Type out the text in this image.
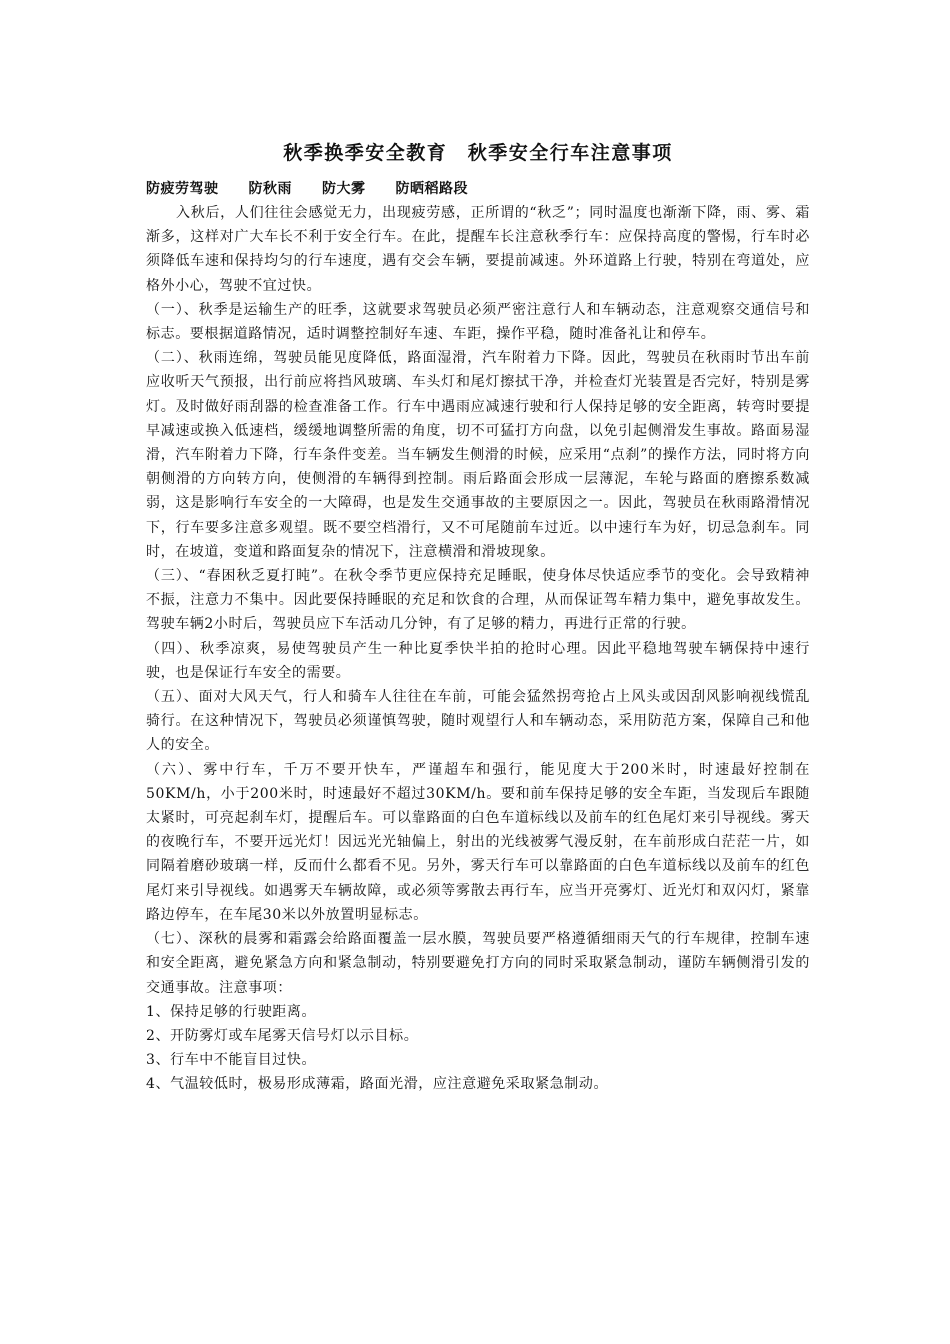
秋季换季安全教育　秋季安全行车注意事项
防疲劳驾驶 防秋雨 防大雾 防晒稻路段

入秋后，人们往往会感觉无力，出现疲劳感，正所谓的“秋乏”；同时温度也渐渐下降，雨、雾、霜渐多，这样对广大车长不利于安全行车。在此，提醒车长注意秋季行车：应保持高度的警惕，行车时必须降低车速和保持均匀的行车速度，遇有交会车辆，要提前减速。外环道路上行驶，特别在弯道处，应格外小心，驾驶不宜过快。

（一）、秋季是运输生产的旺季，这就要求驾驶员必须严密注意行人和车辆动态，注意观察交通信号和标志。要根据道路情况，适时调整控制好车速、车距，操作平稳，随时准备礼让和停车。

（二）、秋雨连绵，驾驶员能见度降低，路面湿滑，汽车附着力下降。因此，驾驶员在秋雨时节出车前应收听天气预报，出行前应将挡风玻璃、车头灯和尾灯擦拭干净，并检查灯光装置是否完好，特别是雾灯。及时做好雨刮器的检查准备工作。行车中遇雨应减速行驶和行人保持足够的安全距离，转弯时要提早减速或换入低速档，缓缓地调整所需的角度，切不可猛打方向盘，以免引起侧滑发生事故。路面易湿滑，汽车附着力下降，行车条件变差。当车辆发生侧滑的时候，应采用“点刹”的操作方法，同时将方向朝侧滑的方向转方向，使侧滑的车辆得到控制。雨后路面会形成一层薄泥，车轮与路面的磨擦系数减弱，这是影响行车安全的一大障碍，也是发生交通事故的主要原因之一。因此，驾驶员在秋雨路滑情况下，行车要多注意多观望。既不要空档滑行，又不可尾随前车过近。以中速行车为好，切忌急刹车。同时，在坡道，变道和路面复杂的情况下，注意横滑和滑坡现象。

（三）、“春困秋乏夏打盹”。在秋令季节更应保持充足睡眠，使身体尽快适应季节的变化。会导致精神不振，注意力不集中。因此要保持睡眠的充足和饮食的合理，从而保证驾车精力集中，避免事故发生。驾驶车辆2小时后，驾驶员应下车活动几分钟，有了足够的精力，再进行正常的行驶。

（四）、秋季凉爽，易使驾驶员产生一种比夏季快半拍的抢时心理。因此平稳地驾驶车辆保持中速行驶，也是保证行车安全的需要。

（五）、面对大风天气，行人和骑车人往往在车前，可能会猛然拐弯抢占上风头或因刮风影响视线慌乱骑行。在这种情况下，驾驶员必须谨慎驾驶，随时观望行人和车辆动态，采用防范方案，保障自己和他人的安全。

（六）、雾中行车，千万不要开快车，严谨超车和强行，能见度大于200米时，时速最好控制在50KM/h，小于200米时，时速最好不超过30KM/h。要和前车保持足够的安全车距，当发现后车跟随太紧时，可亮起刹车灯，提醒后车。可以靠路面的白色车道标线以及前车的红色尾灯来引导视线。雾天的夜晚行车，不要开远光灯！因远光光轴偏上，射出的光线被雾气漫反射，在车前形成白茫茫一片，如同隔着磨砂玻璃一样，反而什么都看不见。另外，雾天行车可以靠路面的白色车道标线以及前车的红色尾灯来引导视线。如遇雾天车辆故障，或必须等雾散去再行车，应当开亮雾灯、近光灯和双闪灯，紧靠路边停车，在车尾30米以外放置明显标志。

（七）、深秋的晨雾和霜露会给路面覆盖一层水膜，驾驶员要严格遵循细雨天气的行车规律，控制车速和安全距离，避免紧急方向和紧急制动，特别要避免打方向的同时采取紧急制动，谨防车辆侧滑引发的交通事故。注意事项：

1、保持足够的行驶距离。

2、开防雾灯或车尾雾天信号灯以示目标。

3、行车中不能盲目过快。

4、气温较低时，极易形成薄霜，路面光滑，应注意避免采取紧急制动。
